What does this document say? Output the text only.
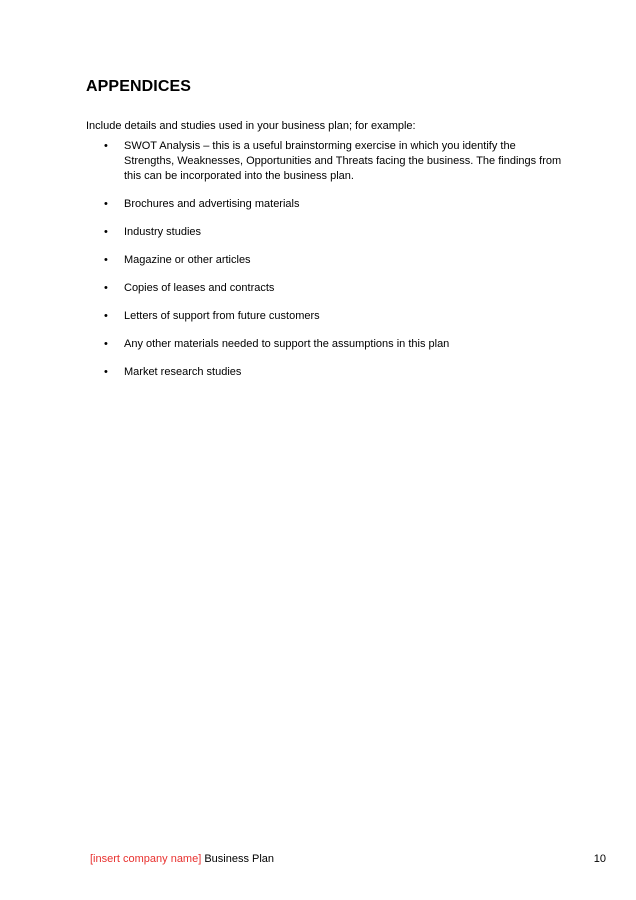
APPENDICES
Include details and studies used in your business plan; for example:
• SWOT Analysis – this is a useful brainstorming exercise in which you identify the Strengths, Weaknesses, Opportunities and Threats facing the business. The findings from this can be incorporated into the business plan.
• Brochures and advertising materials
• Industry studies
• Magazine or other articles
• Copies of leases and contracts
• Letters of support from future customers
• Any other materials needed to support the assumptions in this plan
• Market research studies
[insert company name] Business Plan	10
